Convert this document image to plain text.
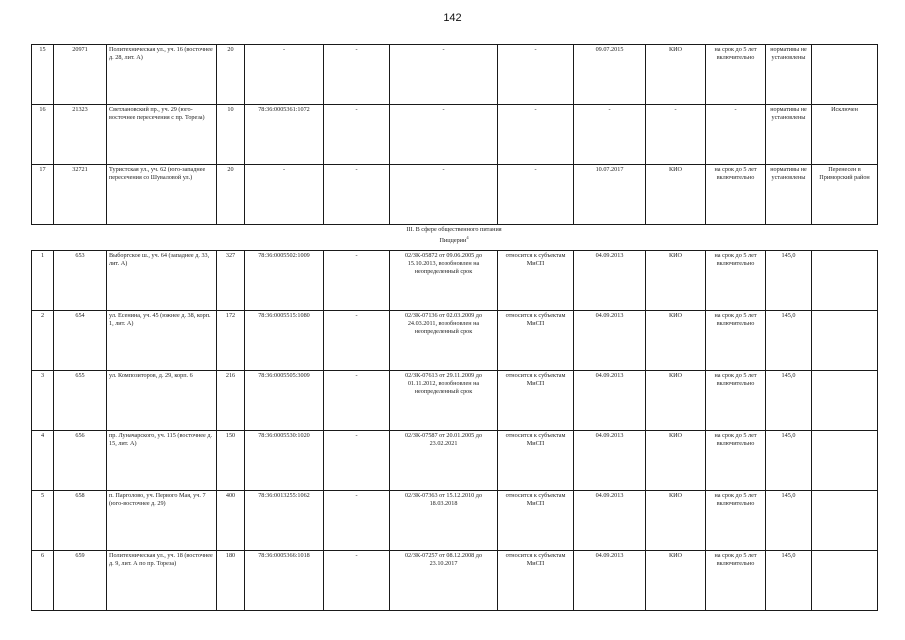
142
15	20971	Политехническая ул., уч. 16 (восточнее д. 28, лит. А)	20	-	-	-	-	09.07.2015	КИО	на срок до 5 лет включительно	нормативы не установлены	
16	21323	Светлановский пр., уч. 29 (юго-восточнее пересечения с пр. Тореза)	10	78:36:0005361:1072	-	-	-	-	-	-	нормативы не установлены	Исключен
17	32721	Туристская ул., уч. 62 (юго-западнее пересечения со Шуваловой ул.)	20	-	-	-	-	10.07.2017	КИО	на срок до 5 лет включительно	нормативы не установлены	Перенесен в Приморский район
III. В сфере общественного питания
Пиццерии$^4$
1	653	Выборгское ш., уч. 64 (западнее д. 33, лит. А)	327	78:36:0005502:1009	-	02/ЗК-05872 от 09.06.2005 до 15.10.2013, возобновлен на неопределенный срок	относится к субъектам МиСП	04.09.2013	КИО	на срок до 5 лет включительно	145,0	
2	654	ул. Есенина, уч. 45 (южнее д. 38, корп. 1, лит. А)	172	78:36:0005515:1080	-	02/ЗК-07136 от 02.03.2009 до 24.03.2011, возобновлен на неопределенный срок	относится к субъектам МиСП	04.09.2013	КИО	на срок до 5 лет включительно	145,0	
3	655	ул. Композиторов, д. 29, корп. 6	216	78:36:0005505:3009	-	02/ЗК-07613 от 29.11.2009 до 01.11.2012, возобновлен на неопределенный срок	относится к субъектам МиСП	04.09.2013	КИО	на срок до 5 лет включительно	145,0	
4	656	пр. Луначарского, уч. 115 (восточнее д. 15, лит. А)	150	78:36:0005530:1020	-	02/ЗК-07587 от 20.01.2005 до 23.02.2021	относится к субъектам МиСП	04.09.2013	КИО	на срок до 5 лет включительно	145,0	
5	658	п. Парголово, уч. Первого Мая, уч. 7 (юго-восточнее д. 29)	400	78:36:0013255:1062	-	02/ЗК-07363 от 15.12.2010 до 18.03.2018	относится к субъектам МиСП	04.09.2013	КИО	на срок до 5 лет включительно	145,0	
6	659	Политехническая ул., уч. 18 (восточнее д. 9, лит. А по пр. Тореза)	180	78:36:0005366:1018	-	02/ЗК-07257 от 08.12.2008 до 23.10.2017	относится к субъектам МиСП	04.09.2013	КИО	на срок до 5 лет включительно	145,0	
